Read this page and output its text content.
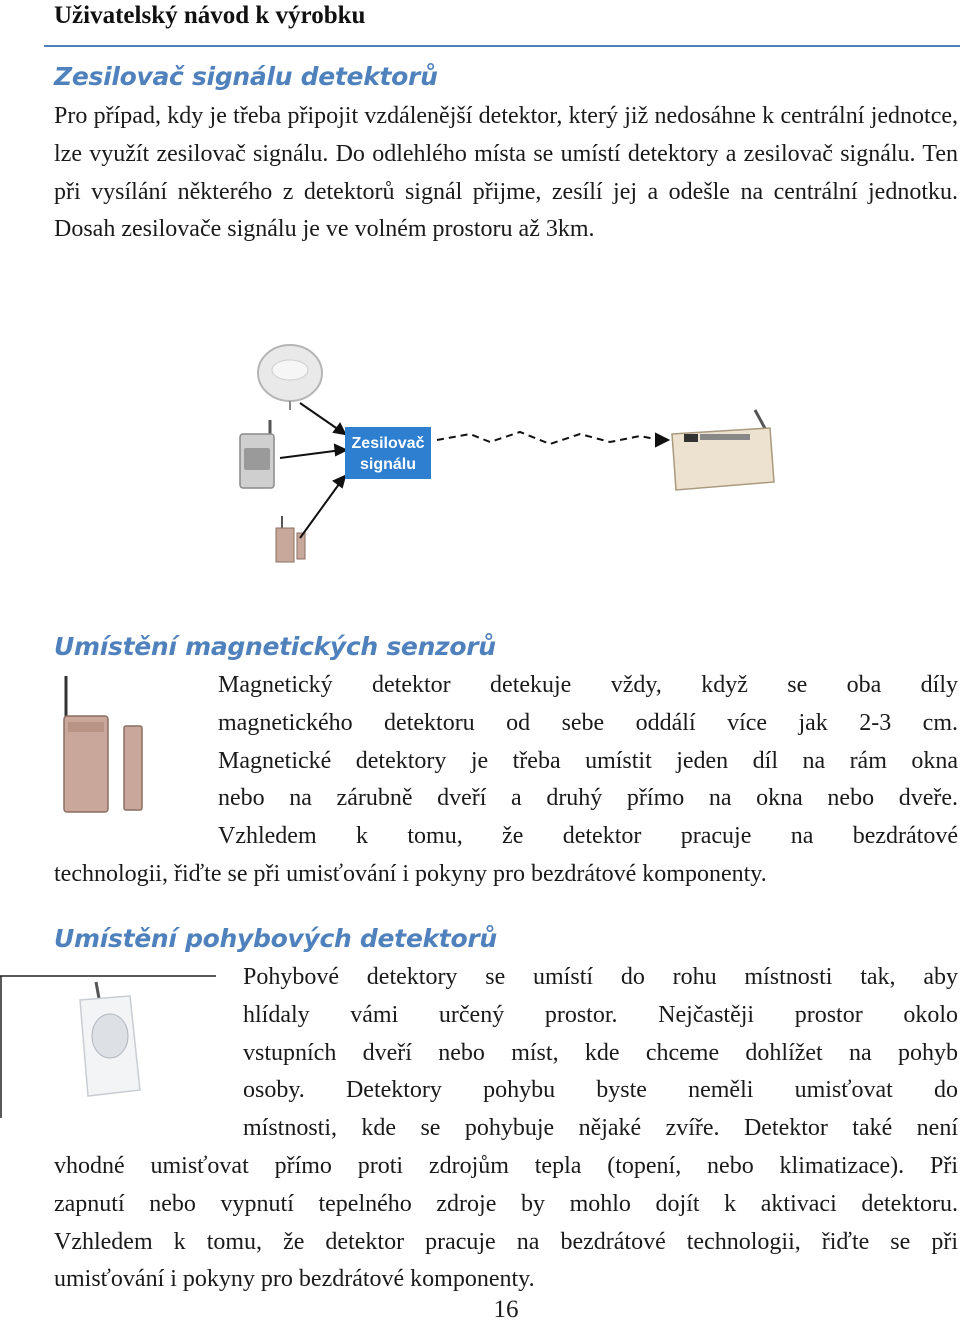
Uživatelský návod k výrobku
Zesilovač signálu detektorů

Pro případ, kdy je třeba připojit vzdálenější detektor, který již nedosáhne k centrální jednotce, lze využít zesilovač signálu. Do odlehlého místa se umístí detektory a zesilovač signálu. Ten při vysílání některého z detektorů signál přijme, zesílí jej a odešle na centrální jednotku. Dosah zesilovače signálu je ve volném prostoru až 3km.

Zesilovač
signálu
Umístění magnetických senzorů
Magnetický detektor detekuje vždy, když se oba díly
magnetického detektoru od sebe oddálí více jak 2-3 cm.
Magnetické detektory je třeba umístit jeden díl na rám okna
nebo na zárubně dveří a druhý přímo na okna nebo dveře.
Vzhledem k tomu, že detektor pracuje na bezdrátové
technologii, řiďte se při umisťování i pokyny pro bezdrátové komponenty.
Umístění pohybových detektorů
Pohybové detektory se umístí do rohu místnosti tak, aby
hlídaly vámi určený prostor. Nejčastěji prostor okolo
vstupních dveří nebo míst, kde chceme dohlížet na pohyb
osoby. Detektory pohybu byste neměli umisťovat do
místnosti, kde se pohybuje nějaké zvíře. Detektor také není
vhodné umisťovat přímo proti zdrojům tepla (topení, nebo klimatizace). Při
zapnutí nebo vypnutí tepelného zdroje by mohlo dojít k aktivaci detektoru.
Vzhledem k tomu, že detektor pracuje na bezdrátové technologii, řiďte se při
umisťování i pokyny pro bezdrátové komponenty.
16
